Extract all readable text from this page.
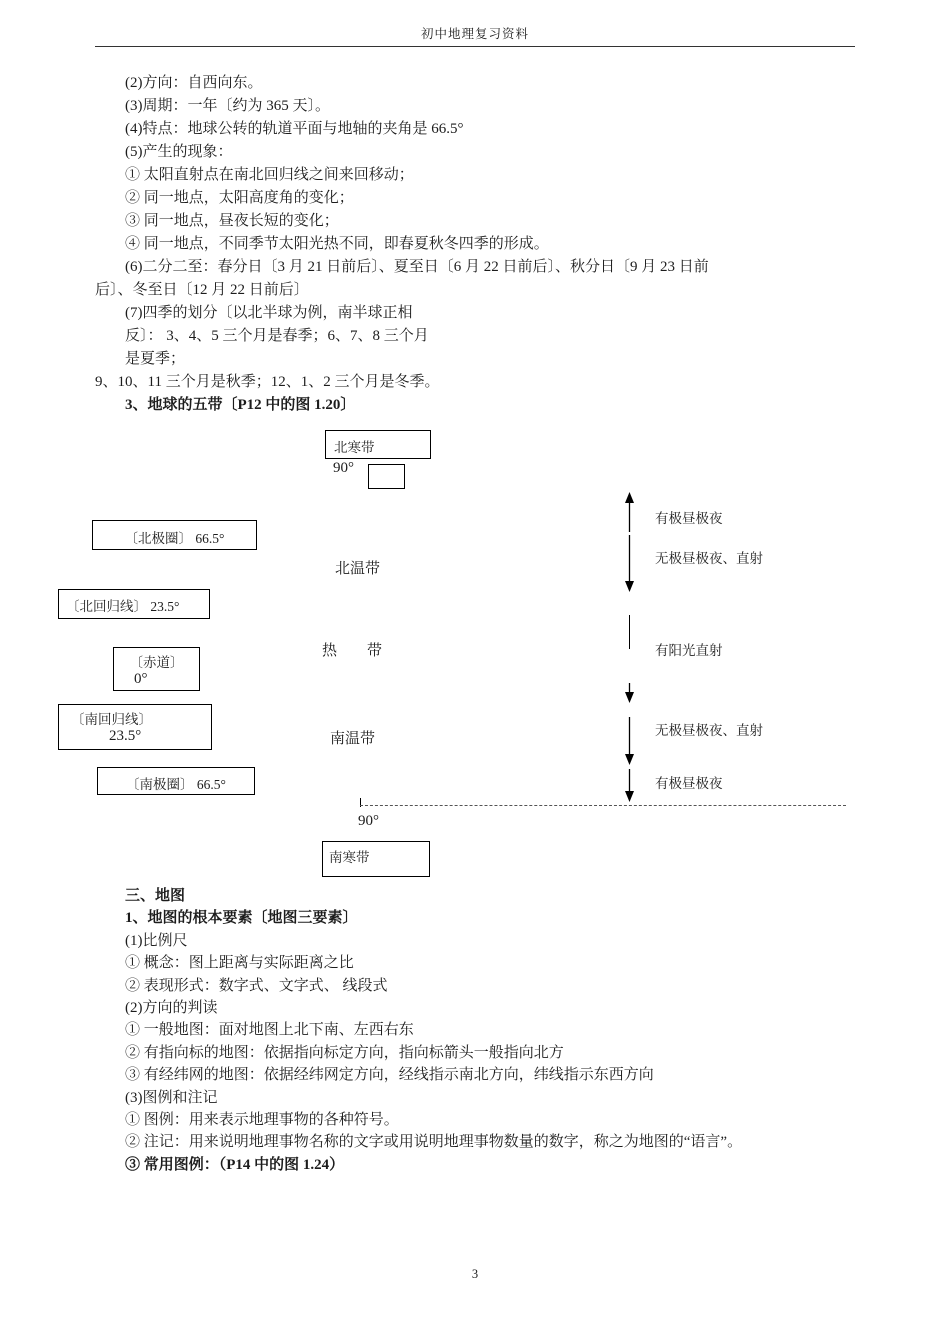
初中地理复习资料
(2)方向：自西向东。
(3)周期：一年〔约为 365 天〕。
(4)特点：地球公转的轨道平面与地轴的夹角是 66.5°
(5)产生的现象：
① 太阳直射点在南北回归线之间来回移动；
② 同一地点，太阳高度角的变化；
③ 同一地点，昼夜长短的变化；
④ 同一地点，不同季节太阳光热不同，即春夏秋冬四季的形成。
(6)二分二至：春分日〔3 月 21 日前后〕、夏至日〔6 月 22 日前后〕、秋分日〔9 月 23 日前
后〕、冬至日〔12 月 22 日前后〕
(7)四季的划分〔以北半球为例，南半球正相
反〕： 3、4、5 三个月是春季；6、7、8 三个月
是夏季；
9、10、11 三个月是秋季；12、1、2 三个月是冬季。
3、地球的五带〔P12 中的图 1.20〕
北寒带
90°
〔北极圈〕 66.5°
北温带
〔北回归线〕 23.5°
热　　带
〔赤道〕
0°
〔南回归线〕
23.5°	南温带
〔南极圈〕 66.5°
90°
南寒带
有极昼极夜
无极昼极夜、直射
有阳光直射
无极昼极夜、直射
有极昼极夜
三、地图
1、地图的根本要素〔地图三要素〕
(1)比例尺
① 概念：图上距离与实际距离之比
② 表现形式：数字式、文字式、 线段式
(2)方向的判读
① 一般地图：面对地图上北下南、左西右东
② 有指向标的地图：依据指向标定方向，指向标箭头一般指向北方
③ 有经纬网的地图：依据经纬网定方向，经线指示南北方向，纬线指示东西方向
(3)图例和注记
① 图例：用来表示地理事物的各种符号。
② 注记：用来说明地理事物名称的文字或用说明地理事物数量的数字，称之为地图的“语言”。
③ 常用图例：（P14 中的图 1.24）
3
